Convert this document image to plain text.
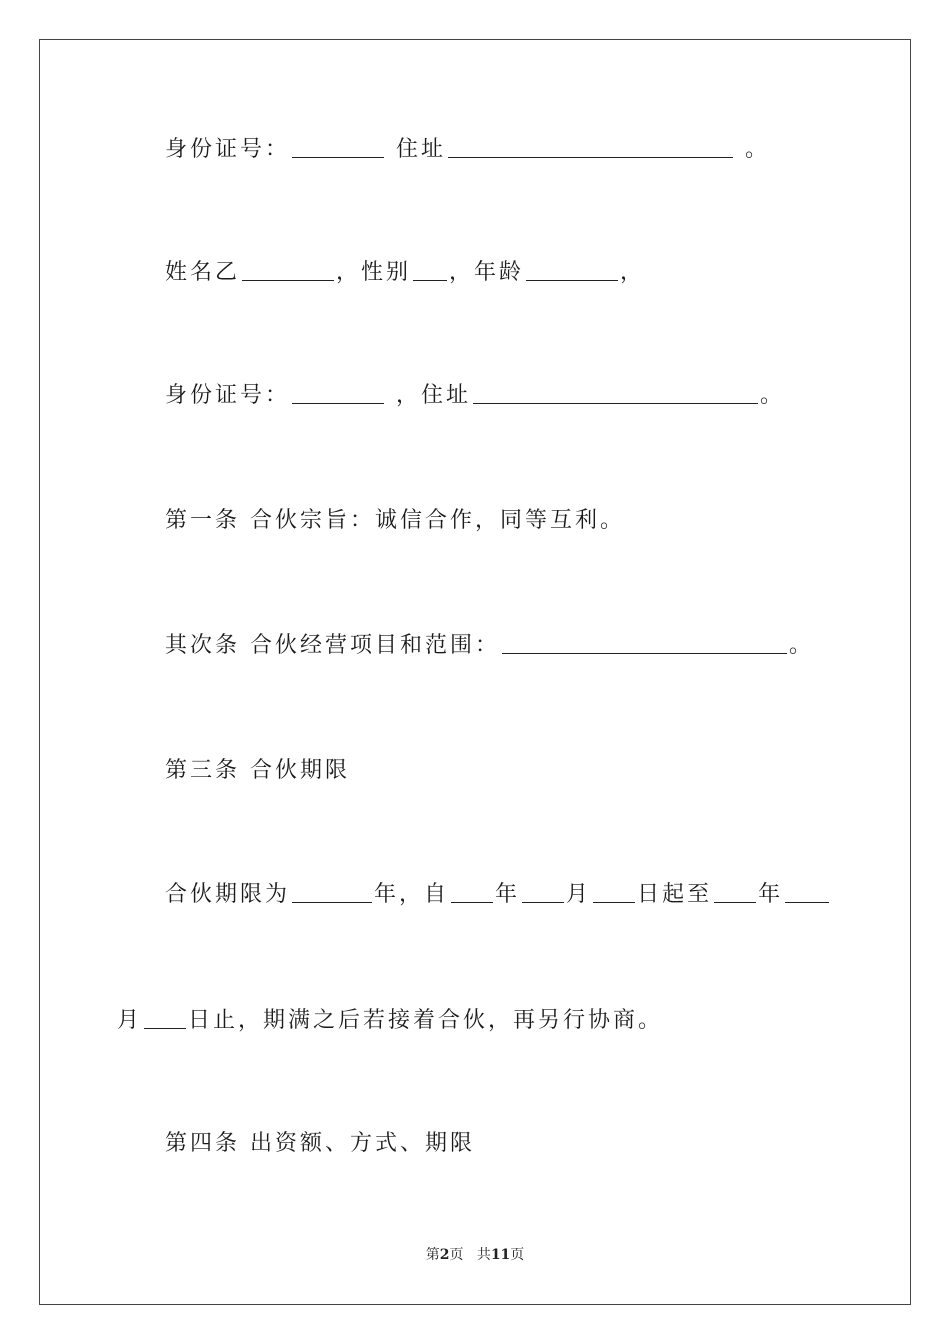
身份证号：	住址	。
姓名乙	，性别 ，年龄	，
身份证号：	，住址	。
第一条 合伙宗旨：诚信合作，同等互利。
其次条 合伙经营项目和范围：	。
第三条 合伙期限
合伙期限为	年，自 年 月 日起至 年
月 日止，期满之后若接着合伙，再另行协商。
第四条 出资额、方式、期限
第2页 共11页
